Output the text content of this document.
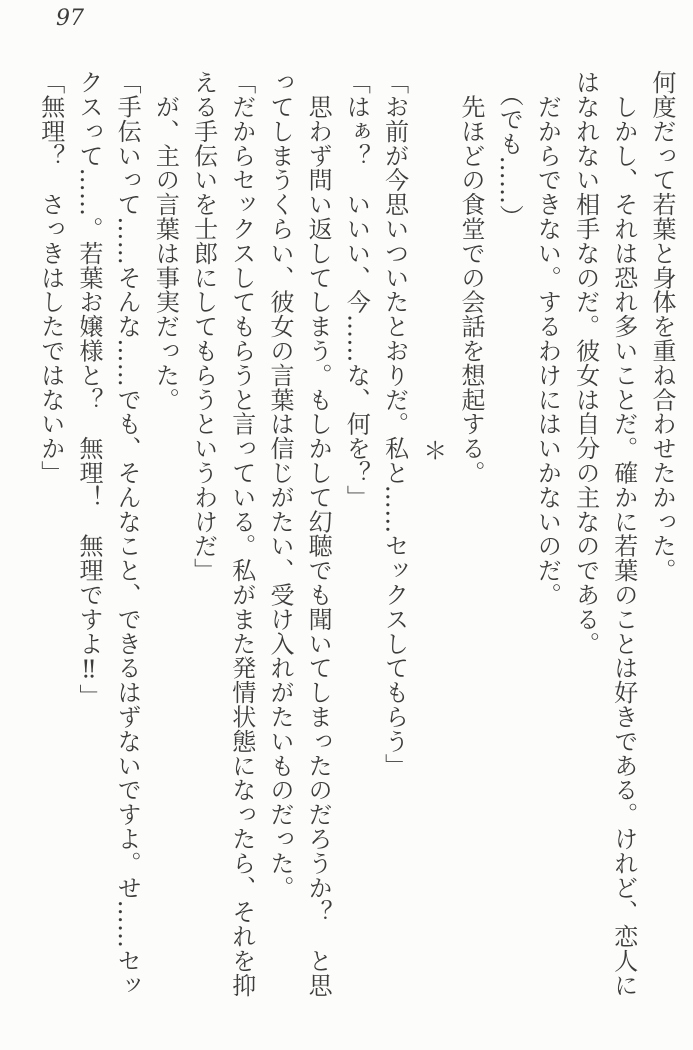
97
何度だって若葉と身体を重ね合わせたかった。
　しかし、それは恐れ多いことだ。確かに若葉のことは好きである。けれど、恋人に
はなれない相手なのだ。彼女は自分の主なのである。
　だからできない。するわけにはいかないのだ。
　（でも……）
　先ほどの食堂での会話を想起する。
＊
「お前が今思いついたとおりだ。私と……セックスしてもらう」
「はぁ？　いいい、今……な、何を？」
　思わず問い返してしまう。もしかして幻聴でも聞いてしまったのだろうか？　と思
ってしまうくらい、彼女の言葉は信じがたい、受け入れがたいものだった。
「だからセックスしてもらうと言っている。私がまた発情状態になったら、それを抑
える手伝いを士郎にしてもらうというわけだ」
　が、主の言葉は事実だった。
「手伝いって……そんな……でも、そんなこと、できるはずないですよ。せ……セッ
クスって……。若葉お嬢様と？　無理！　無理ですよ‼」
「無理？　さっきはしたではないか」
